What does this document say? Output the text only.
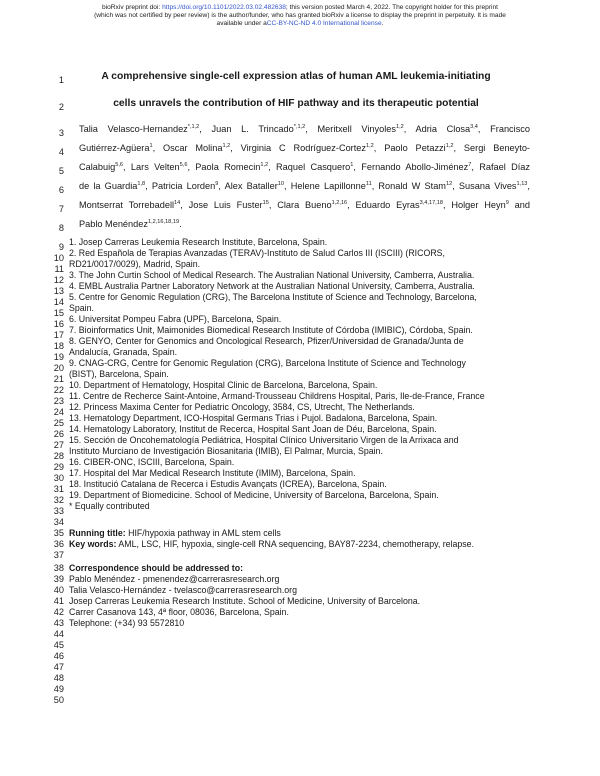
bioRxiv preprint doi: https://doi.org/10.1101/2022.03.02.482638; this version posted March 4, 2022. The copyright holder for this preprint
(which was not certified by peer review) is the author/funder, who has granted bioRxiv a license to display the preprint in perpetuity. It is made
available under aCC-BY-NC-ND 4.0 International license.
1
2
3
4
5
6
7
8
9
10
11
12
13
14
15
16
17
18
19
20
21
22
23
24
25
26
27
28
29
30
31
32
33
34
35
36
37
38
39
40
41
42
43
44
45
46
47
48
49
50
A comprehensive single-cell expression atlas of human AML leukemia-initiating
cells unravels the contribution of HIF pathway and its therapeutic potential
Talia Velasco-Hernandez$^{*,1,2}$, Juan L. Trincado$^{*,1,2}$, Meritxell Vinyoles$^{1,2}$, Adria Closa$^{3,4}$, Francisco
Gutiérrez-Agüera$^1$, Oscar Molina$^{1,2}$, Virginia C Rodríguez-Cortez$^{1,2}$, Paolo Petazzi$^{1,2}$, Sergi Beneyto-
Calabuig$^{5,6}$, Lars Velten$^{5,6}$, Paola Romecin$^{1,2}$, Raquel Casquero$^1$, Fernando Abollo-Jiménez$^7$, Rafael Díaz
de la Guardia$^{1,8}$, Patricia Lorden$^9$, Alex Bataller$^{10}$, Helene Lapillonne$^{11}$, Ronald W Stam$^{12}$, Susana Vives$^{1,13}$,
Montserrat Torrebadell$^{14}$, Jose Luis Fuster$^{15}$, Clara Bueno$^{1,2,16}$, Eduardo Eyras$^{3,4,17,18}$, Holger Heyn$^9$ and
Pablo Menéndez$^{1,2,16,18,19}$.
1. Josep Carreras Leukemia Research Institute, Barcelona, Spain.
2. Red Española de Terapias Avanzadas (TERAV)-Instituto de Salud Carlos III (ISCIII) (RICORS,
RD21/0017/0029), Madrid, Spain.
3. The John Curtin School of Medical Research. The Australian National University, Camberra, Australia.
4. EMBL Australia Partner Laboratory Network at the Australian National University, Camberra, Australia.
5. Centre for Genomic Regulation (CRG), The Barcelona Institute of Science and Technology, Barcelona,
Spain.
6. Universitat Pompeu Fabra (UPF), Barcelona, Spain.
7. Bioinformatics Unit, Maimonides Biomedical Research Institute of Córdoba (IMIBIC), Córdoba, Spain.
8. GENYO, Center for Genomics and Oncological Research, Pfizer/Universidad de Granada/Junta de
Andalucía, Granada, Spain.
9. CNAG-CRG, Centre for Genomic Regulation (CRG), Barcelona Institute of Science and Technology
(BIST), Barcelona, Spain.
10. Department of Hematology, Hospital Clinic de Barcelona, Barcelona, Spain.
11. Centre de Recherce Saint-Antoine, Armand-Trousseau Childrens Hospital, Paris, Ile-de-France, France
12. Princess Maxima Center for Pediatric Oncology, 3584, CS, Utrecht, The Netherlands.
13. Hematology Department, ICO-Hospital Germans Trias i Pujol. Badalona, Barcelona, Spain.
14. Hematology Laboratory, Institut de Recerca, Hospital Sant Joan de Déu, Barcelona, Spain.
15. Sección de Oncohematología Pediátrica, Hospital Clínico Universitario Virgen de la Arrixaca and
Instituto Murciano de Investigación Biosanitaria (IMIB), El Palmar, Murcia, Spain.
16. CIBER-ONC, ISCIII, Barcelona, Spain.
17. Hospital del Mar Medical Research Institute (IMIM), Barcelona, Spain.
18. Institució Catalana de Recerca i Estudis Avançats (ICREA), Barcelona, Spain.
19. Department of Biomedicine. School of Medicine, University of Barcelona, Barcelona, Spain.
* Equally contributed
Running title: HIF/hypoxia pathway in AML stem cells
Key words: AML, LSC, HIF, hypoxia, single-cell RNA sequencing, BAY87-2234, chemotherapy, relapse.
Correspondence should be addressed to:
Pablo Menéndez - pmenendez@carrerasresearch.org
Talia Velasco-Hernández - tvelasco@carrerasresearch.org
Josep Carreras Leukemia Research Institute. School of Medicine, University of Barcelona.
Carrer Casanova 143, 4ª floor, 08036, Barcelona, Spain.
Telephone: (+34) 93 5572810
